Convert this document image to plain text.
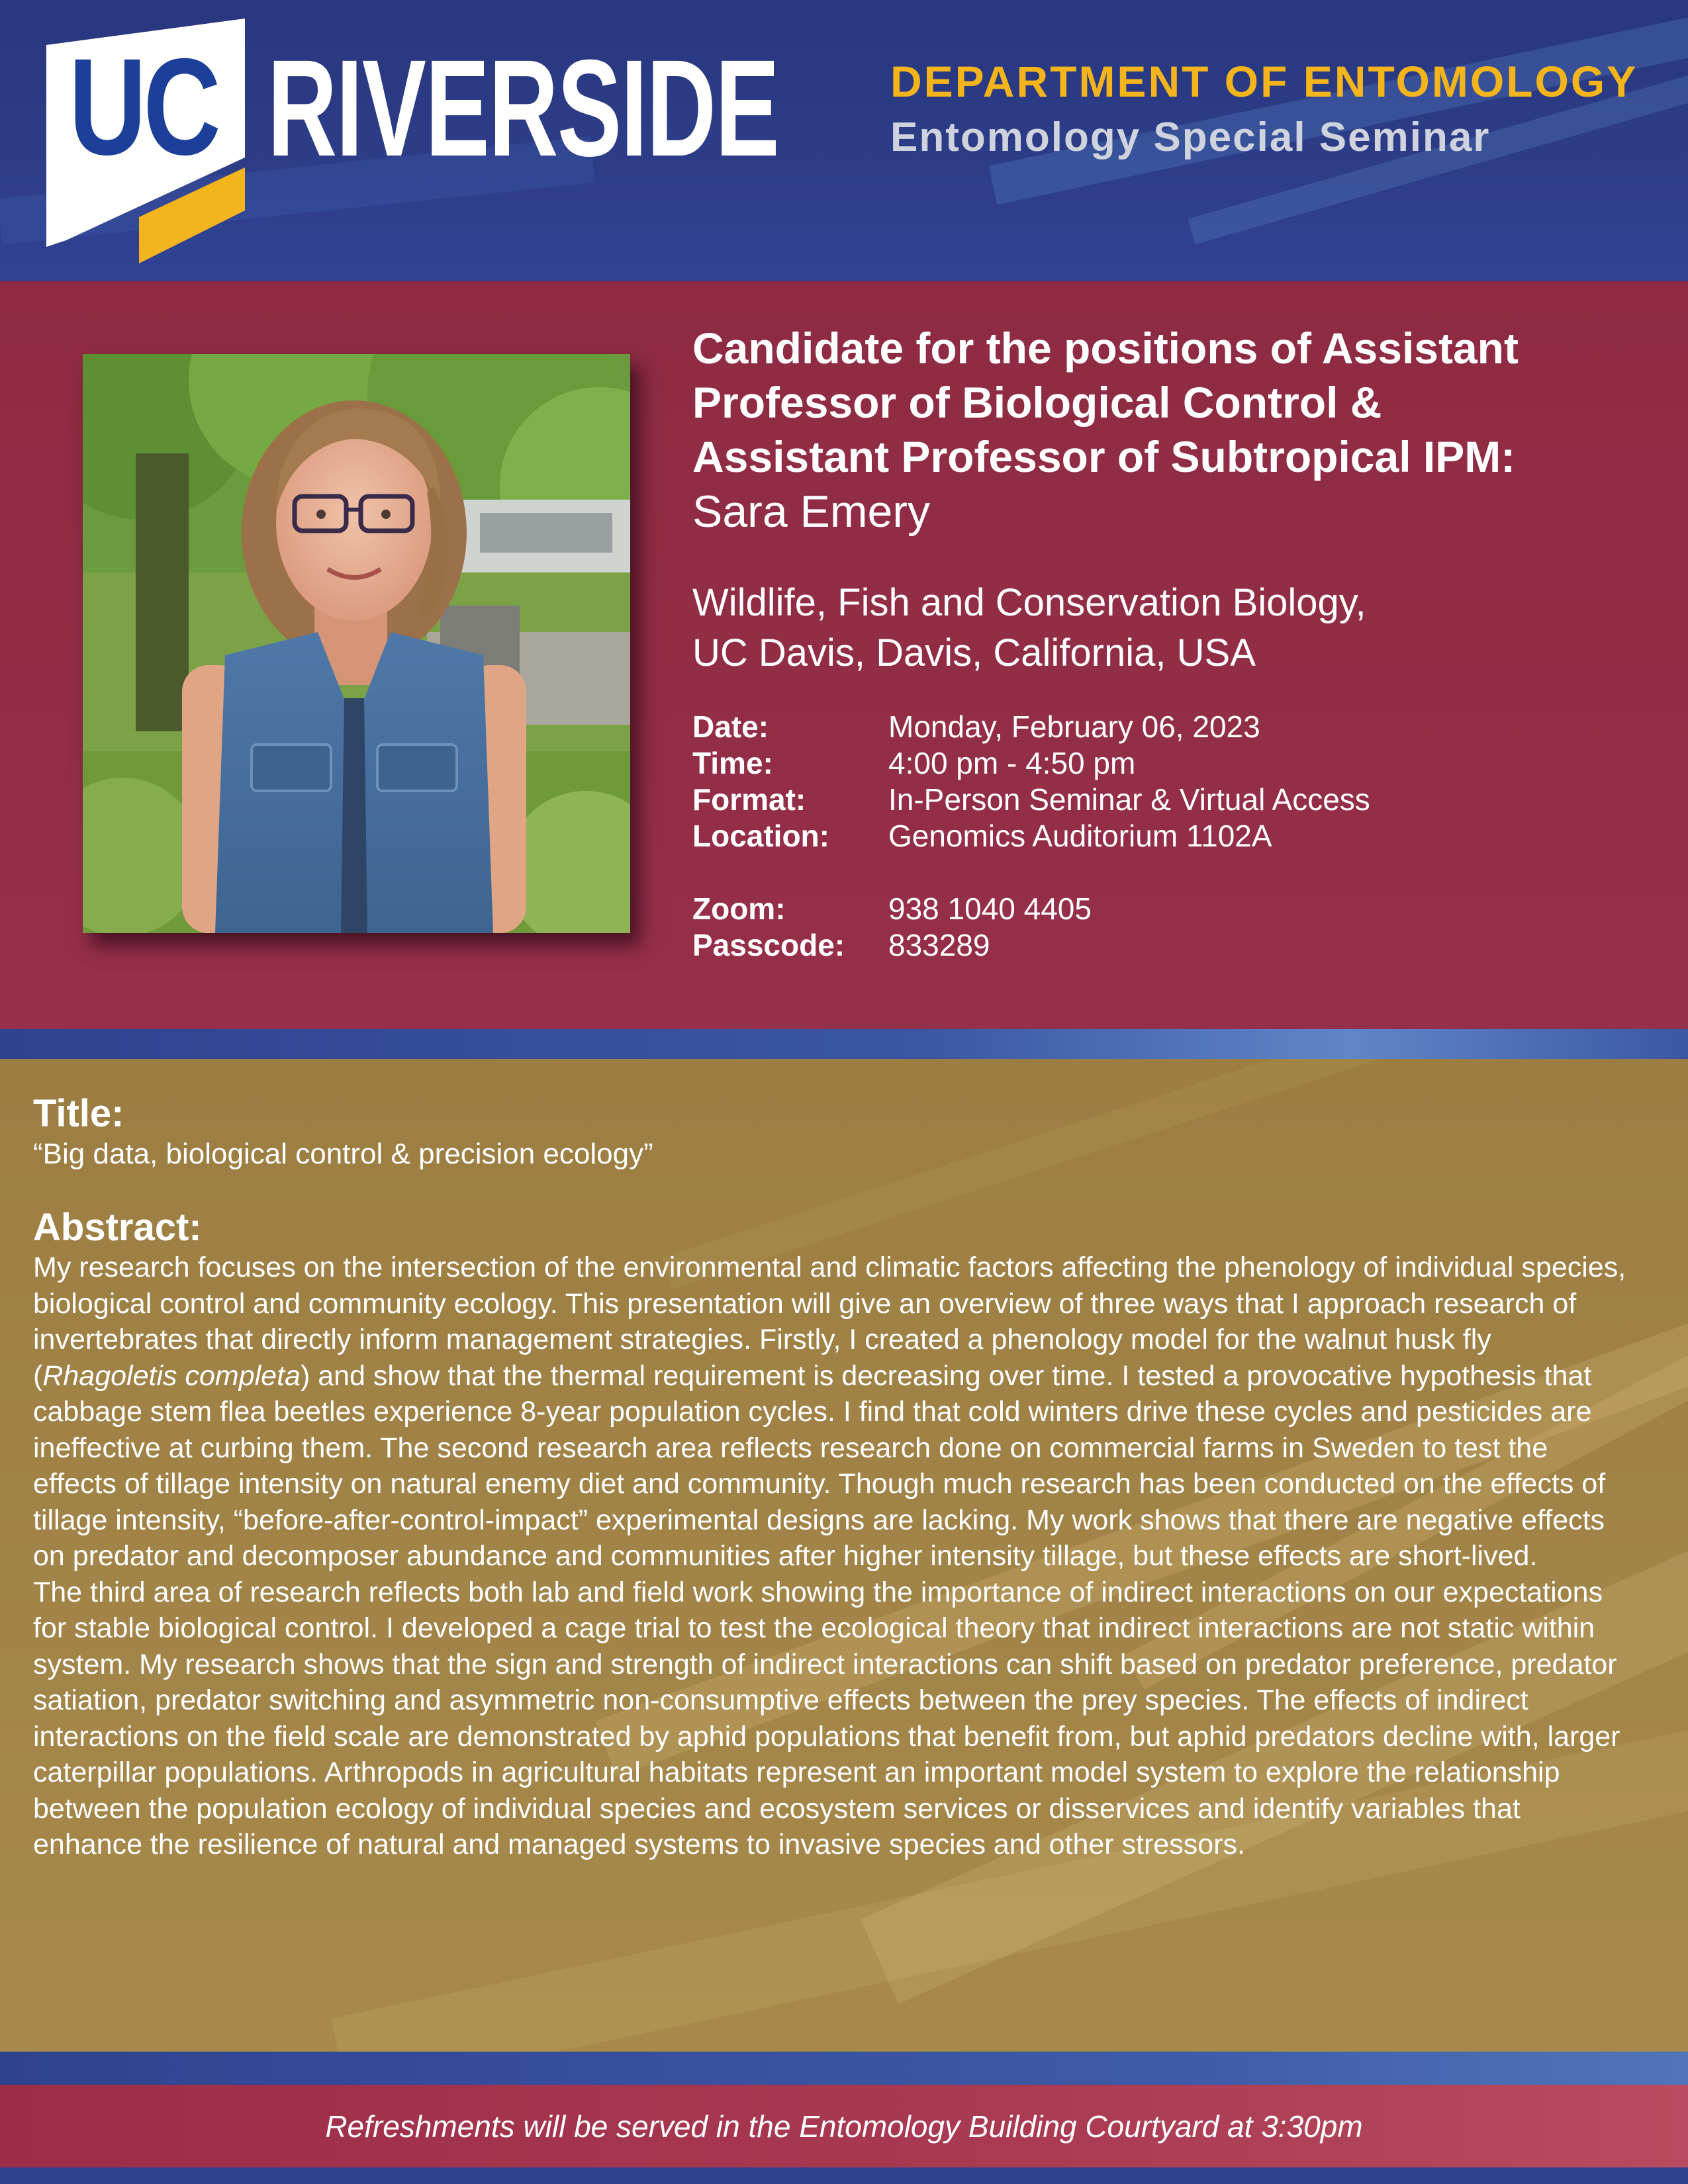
UC RIVERSIDE	DEPARTMENT OF ENTOMOLOGY
Entomology Special Seminar

Candidate for the positions of Assistant

Professor of Biological Control &

Assistant Professor of Subtropical IPM:

Sara Emery

Wildlife, Fish and Conservation Biology,
UC Davis, Davis, California, USA
Date:	Monday, February 06, 2023
Time:	4:00 pm - 4:50 pm
Format:	In-Person Seminar & Virtual Access
Location:	Genomics Auditorium 1102A
Zoom:	938 1040 4405
Passcode:	833289

Title:

“Big data, biological control & precision ecology”

Abstract:

My research focuses on the intersection of the environmental and climatic factors affecting the phenology of individual species, biological control and community ecology. This presentation will give an overview of three ways that I approach research of invertebrates that directly inform management strategies. Firstly, I created a phenology model for the walnut husk fly (Rhagoletis completa) and show that the thermal requirement is decreasing over time. I tested a provocative hypothesis that cabbage stem flea beetles experience 8-year population cycles. I find that cold winters drive these cycles and pesticides are ineffective at curbing them. The second research area reflects research done on commercial farms in Sweden to test the effects of tillage intensity on natural enemy diet and community. Though much research has been conducted on the effects of tillage intensity, “before-after-control-impact” experimental designs are lacking. My work shows that there are negative effects on predator and decomposer abundance and communities after higher intensity tillage, but these effects are short-lived.

The third area of research reflects both lab and field work showing the importance of indirect interactions on our expectations for stable biological control. I developed a cage trial to test the ecological theory that indirect interactions are not static within system. My research shows that the sign and strength of indirect interactions can shift based on predator preference, predator satiation, predator switching and asymmetric non-consumptive effects between the prey species. The effects of indirect interactions on the field scale are demonstrated by aphid populations that benefit from, but aphid predators decline with, larger caterpillar populations. Arthropods in agricultural habitats represent an important model system to explore the relationship between the population ecology of individual species and ecosystem services or disservices and identify variables that enhance the resilience of natural and managed systems to invasive species and other stressors.

Refreshments will be served in the Entomology Building Courtyard at 3:30pm
